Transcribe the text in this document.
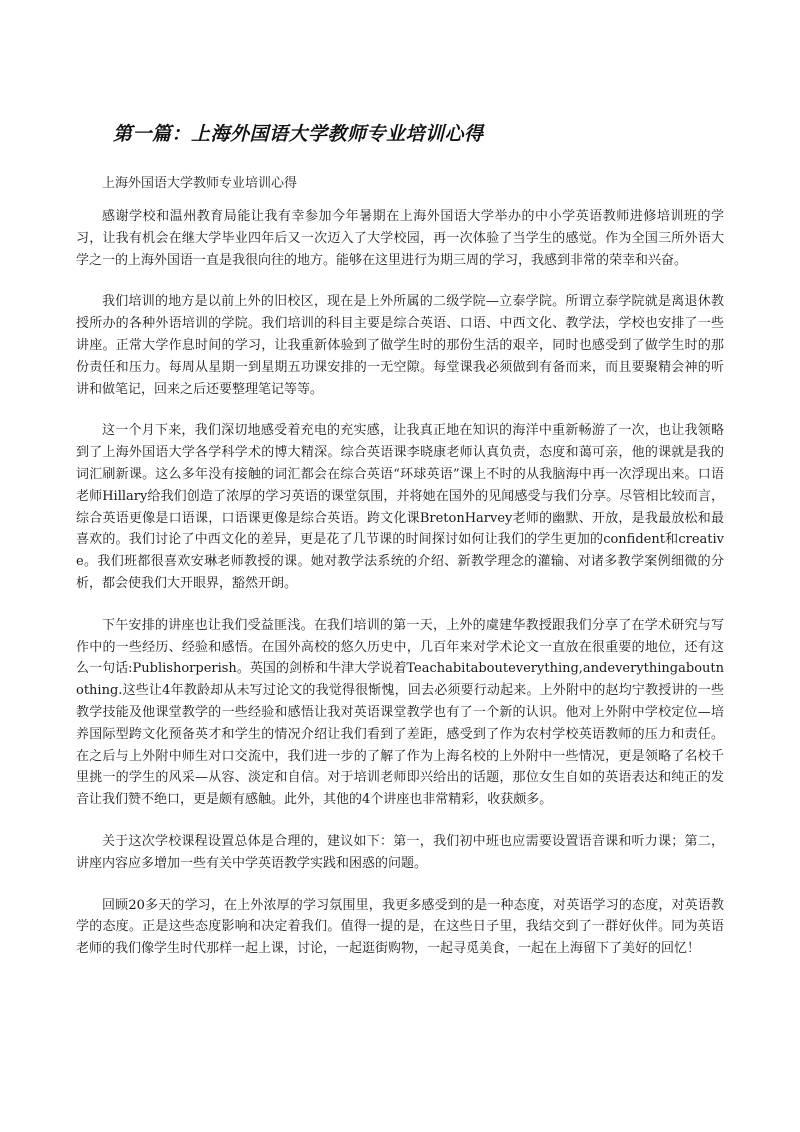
第一篇：上海外国语大学教师专业培训心得

上海外国语大学教师专业培训心得

感谢学校和温州教育局能让我有幸参加今年暑期在上海外国语大学举办的中小学英语教师进修培训班的学习，让我有机会在继大学毕业四年后又一次迈入了大学校园，再一次体验了当学生的感觉。作为全国三所外语大学之一的上海外国语一直是我很向往的地方。能够在这里进行为期三周的学习，我感到非常的荣幸和兴奋。

我们培训的地方是以前上外的旧校区，现在是上外所属的二级学院—立泰学院。所谓立泰学院就是离退休教授所办的各种外语培训的学院。我们培训的科目主要是综合英语、口语、中西文化、教学法，学校也安排了一些讲座。正常大学作息时间的学习，让我重新体验到了做学生时的那份生活的艰辛，同时也感受到了做学生时的那份责任和压力。每周从星期一到星期五功课安排的一无空隙。每堂课我必须做到有备而来，而且要聚精会神的听讲和做笔记，回来之后还要整理笔记等等。

这一个月下来，我们深切地感受着充电的充实感，让我真正地在知识的海洋中重新畅游了一次，也让我领略到了上海外国语大学各学科学术的博大精深。综合英语课李晓康老师认真负责，态度和蔼可亲，他的课就是我的词汇刷新课。这么多年没有接触的词汇都会在综合英语“环球英语”课上不时的从我脑海中再一次浮现出来。口语老师Hillary给我们创造了浓厚的学习英语的课堂氛围，并将她在国外的见闻感受与我们分享。尽管相比较而言，综合英语更像是口语课，口语课更像是综合英语。跨文化课BretonHarvey老师的幽默、开放，是我最放松和最喜欢的。我们讨论了中西文化的差异，更是花了几节课的时间探讨如何让我们的学生更加的confident和creative。我们班都很喜欢安琳老师教授的课。她对教学法系统的介绍、新教学理念的灌输、对诸多教学案例细微的分析，都会使我们大开眼界，豁然开朗。

下午安排的讲座也让我们受益匪浅。在我们培训的第一天，上外的虞建华教授跟我们分享了在学术研究与写作中的一些经历、经验和感悟。在国外高校的悠久历史中，几百年来对学术论文一直放在很重要的地位，还有这么一句话:Publishorperish。英国的剑桥和牛津大学说着Teachabitabouteverything,andeverythingaboutnothing.这些让4年教龄却从未写过论文的我觉得很惭愧，回去必须要行动起来。上外附中的赵均宁教授讲的一些教学技能及他课堂教学的一些经验和感悟让我对英语课堂教学也有了一个新的认识。他对上外附中学校定位—培养国际型跨文化预备英才和学生的情况介绍让我们看到了差距，感受到了作为农村学校英语教师的压力和责任。在之后与上外附中师生对口交流中，我们进一步的了解了作为上海名校的上外附中一些情况，更是领略了名校千里挑一的学生的风采—从容、淡定和自信。对于培训老师即兴给出的话题，那位女生自如的英语表达和纯正的发音让我们赞不绝口，更是颇有感触。此外，其他的4个讲座也非常精彩，收获颇多。

关于这次学校课程设置总体是合理的，建议如下：第一，我们初中班也应需要设置语音课和听力课；第二，讲座内容应多增加一些有关中学英语教学实践和困惑的问题。

回顾20多天的学习，在上外浓厚的学习氛围里，我更多感受到的是一种态度，对英语学习的态度，对英语教学的态度。正是这些态度影响和决定着我们。值得一提的是，在这些日子里，我结交到了一群好伙伴。同为英语老师的我们像学生时代那样一起上课，讨论，一起逛街购物，一起寻觅美食，一起在上海留下了美好的回忆！
